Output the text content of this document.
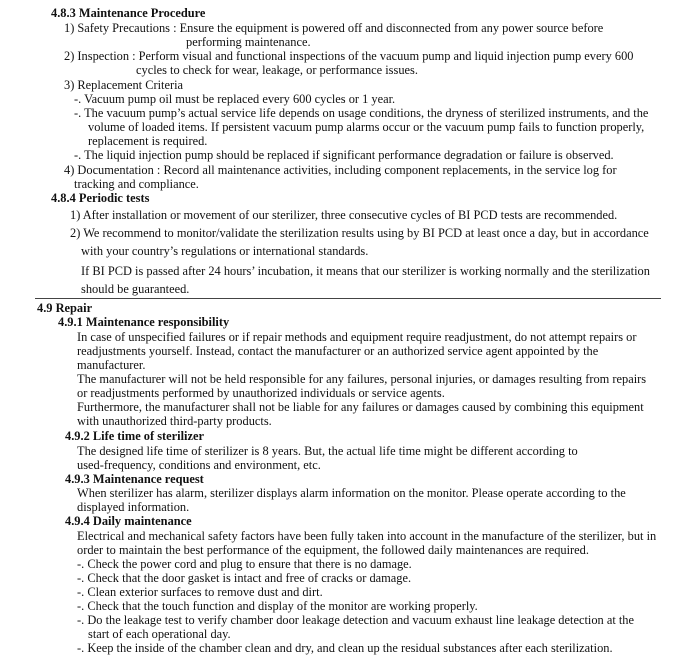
4.8.3 Maintenance Procedure
1) Safety Precautions : Ensure the equipment is powered off and disconnected from any power source before
performing maintenance.
2) Inspection : Perform visual and functional inspections of the vacuum pump and liquid injection pump every 600
cycles to check for wear, leakage, or performance issues.
3) Replacement Criteria
-. Vacuum pump oil must be replaced every 600 cycles or 1 year.
-. The vacuum pump’s actual service life depends on usage conditions, the dryness of sterilized instruments, and the
volume of loaded items. If persistent vacuum pump alarms occur or the vacuum pump fails to function properly,
replacement is required.
-. The liquid injection pump should be replaced if significant performance degradation or failure is observed.
4) Documentation : Record all maintenance activities, including component replacements, in the service log for
tracking and compliance.
4.8.4 Periodic tests
1) After installation or movement of our sterilizer, three consecutive cycles of BI PCD tests are recommended.
2) We recommend to monitor/validate the sterilization results using by BI PCD at least once a day, but in accordance
with your country’s regulations or international standards.
If BI PCD is passed after 24 hours’ incubation, it means that our sterilizer is working normally and the sterilization
should be guaranteed.
4.9 Repair
4.9.1 Maintenance responsibility
In case of unspecified failures or if repair methods and equipment require readjustment, do not attempt repairs or
readjustments yourself. Instead, contact the manufacturer or an authorized service agent appointed by the
manufacturer.
The manufacturer will not be held responsible for any failures, personal injuries, or damages resulting from repairs
or readjustments performed by unauthorized individuals or service agents.
Furthermore, the manufacturer shall not be liable for any failures or damages caused by combining this equipment
with unauthorized third-party products.
4.9.2 Life time of sterilizer
The designed life time of sterilizer is 8 years. But, the actual life time might be different according to
used-frequency, conditions and environment, etc.
4.9.3 Maintenance request
When sterilizer has alarm, sterilizer displays alarm information on the monitor. Please operate according to the
displayed information.
4.9.4 Daily maintenance
Electrical and mechanical safety factors have been fully taken into account in the manufacture of the sterilizer, but in
order to maintain the best performance of the equipment, the followed daily maintenances are required.
-. Check the power cord and plug to ensure that there is no damage.
-. Check that the door gasket is intact and free of cracks or damage.
-. Clean exterior surfaces to remove dust and dirt.
-. Check that the touch function and display of the monitor are working properly.
-. Do the leakage test to verify chamber door leakage detection and vacuum exhaust line leakage detection at the
start of each operational day.
-. Keep the inside of the chamber clean and dry, and clean up the residual substances after each sterilization.
